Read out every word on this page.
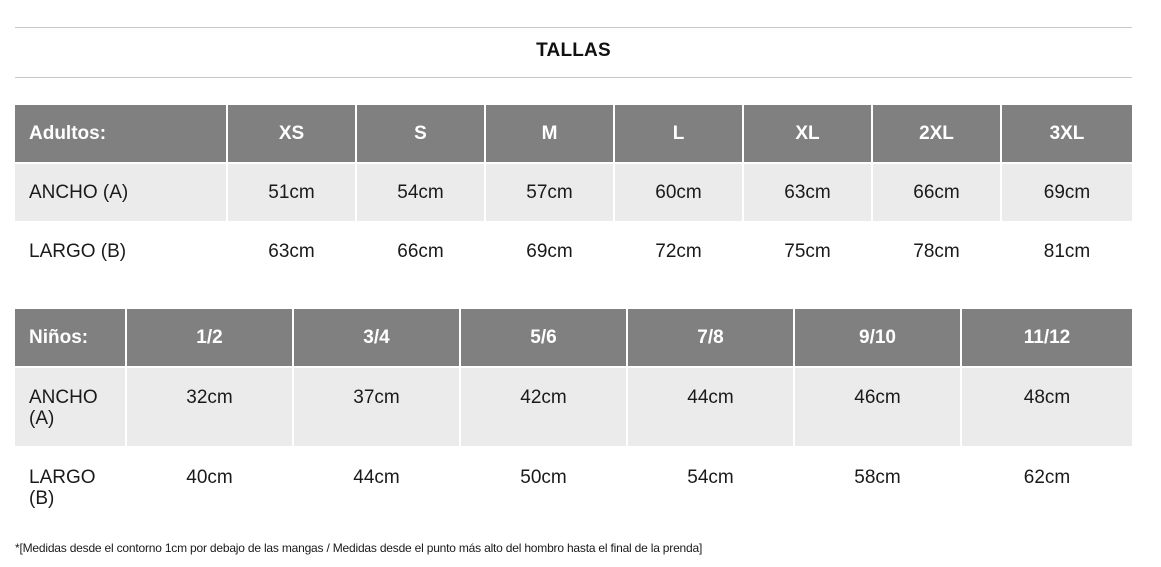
TALLAS
Adultos:	XS	S	M	L	XL	2XL	3XL
ANCHO (A)	51cm	54cm	57cm	60cm	63cm	66cm	69cm
LARGO (B)	63cm	66cm	69cm	72cm	75cm	78cm	81cm
Niños:	1/2	3/4	5/6	7/8	9/10	11/12
ANCHO (A)	32cm	37cm	42cm	44cm	46cm	48cm
LARGO (B)	40cm	44cm	50cm	54cm	58cm	62cm
*[Medidas desde el contorno 1cm por debajo de las mangas / Medidas desde el punto más alto del hombro hasta el final de la prenda]
